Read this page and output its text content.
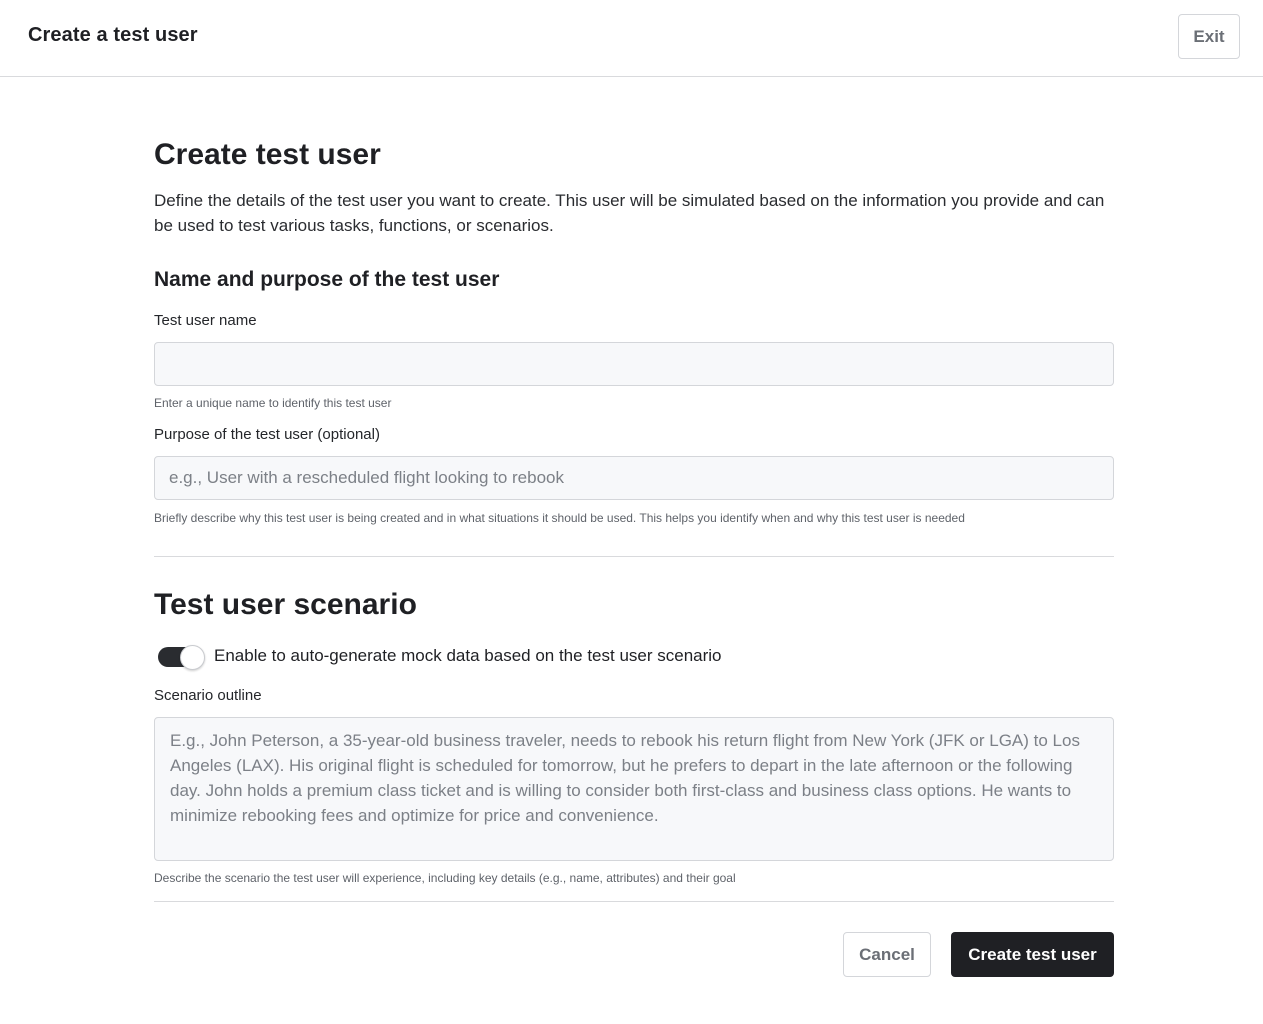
Create a test user	Exit
Create test user

Define the details of the test user you want to create. This user will be simulated based on the information you provide and can be used to test various tasks, functions, or scenarios.

Name and purpose of the test user
Test user name
Enter a unique name to identify this test user
Purpose of the test user (optional)
e.g., User with a rescheduled flight looking to rebook
Briefly describe why this test user is being created and in what situations it should be used. This helps you identify when and why this test user is needed
Test user scenario
Enable to auto-generate mock data based on the test user scenario
Scenario outline
E.g., John Peterson, a 35-year-old business traveler, needs to rebook his return flight from New York (JFK or LGA) to Los Angeles (LAX). His original flight is scheduled for tomorrow, but he prefers to depart in the late afternoon or the following day. John holds a premium class ticket and is willing to consider both first-class and business class options. He wants to minimize rebooking fees and optimize for price and convenience.
Describe the scenario the test user will experience, including key details (e.g., name, attributes) and their goal
Cancel	Create test user
